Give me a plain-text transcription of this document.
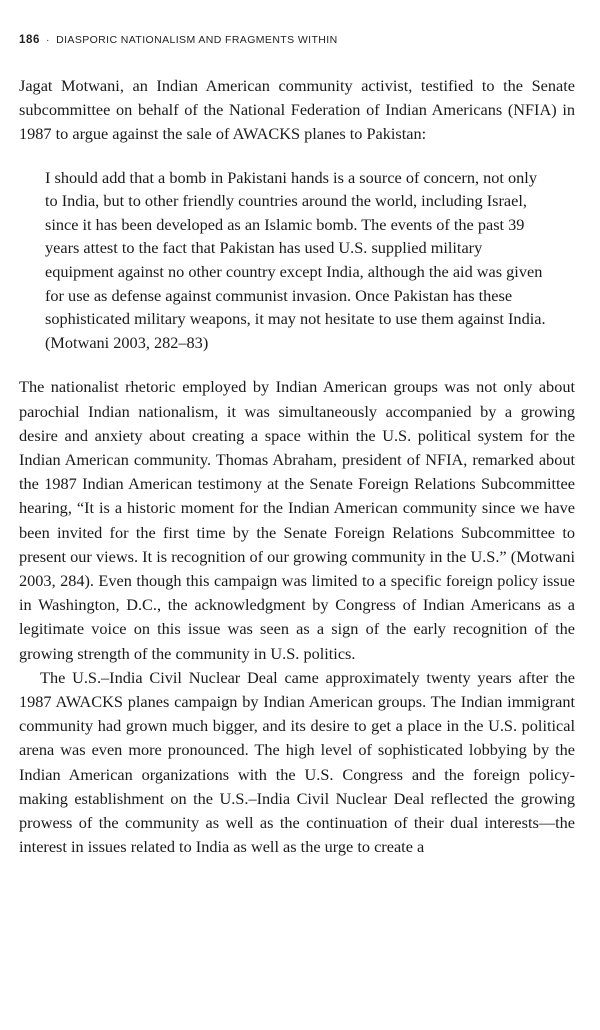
186 · DIASPORIC NATIONALISM AND FRAGMENTS WITHIN

Jagat Motwani, an Indian American community activist, testified to the Senate subcommittee on behalf of the National Federation of Indian Americans (NFIA) in 1987 to argue against the sale of AWACKS planes to Pakistan:

I should add that a bomb in Pakistani hands is a source of concern, not only to India, but to other friendly countries around the world, including Israel, since it has been developed as an Islamic bomb. The events of the past 39 years attest to the fact that Pakistan has used U.S. supplied military equipment against no other country except India, although the aid was given for use as defense against communist invasion. Once Pakistan has these sophisticated military weapons, it may not hesitate to use them against India. (Motwani 2003, 282–83)

The nationalist rhetoric employed by Indian American groups was not only about parochial Indian nationalism, it was simultaneously accompanied by a growing desire and anxiety about creating a space within the U.S. political system for the Indian American community. Thomas Abraham, president of NFIA, remarked about the 1987 Indian American testimony at the Senate Foreign Relations Subcommittee hearing, “It is a historic moment for the Indian American community since we have been invited for the first time by the Senate Foreign Relations Subcommittee to present our views. It is recognition of our growing community in the U.S.” (Motwani 2003, 284). Even though this campaign was limited to a specific foreign policy issue in Washington, D.C., the acknowledgment by Congress of Indian Americans as a legitimate voice on this issue was seen as a sign of the early recognition of the growing strength of the community in U.S. politics.

The U.S.–India Civil Nuclear Deal came approximately twenty years after the 1987 AWACKS planes campaign by Indian American groups. The Indian immigrant community had grown much bigger, and its desire to get a place in the U.S. political arena was even more pronounced. The high level of sophisticated lobbying by the Indian American organizations with the U.S. Congress and the foreign policy-making establishment on the U.S.–India Civil Nuclear Deal reflected the growing prowess of the community as well as the continuation of their dual interests—the interest in issues related to India as well as the urge to create a
